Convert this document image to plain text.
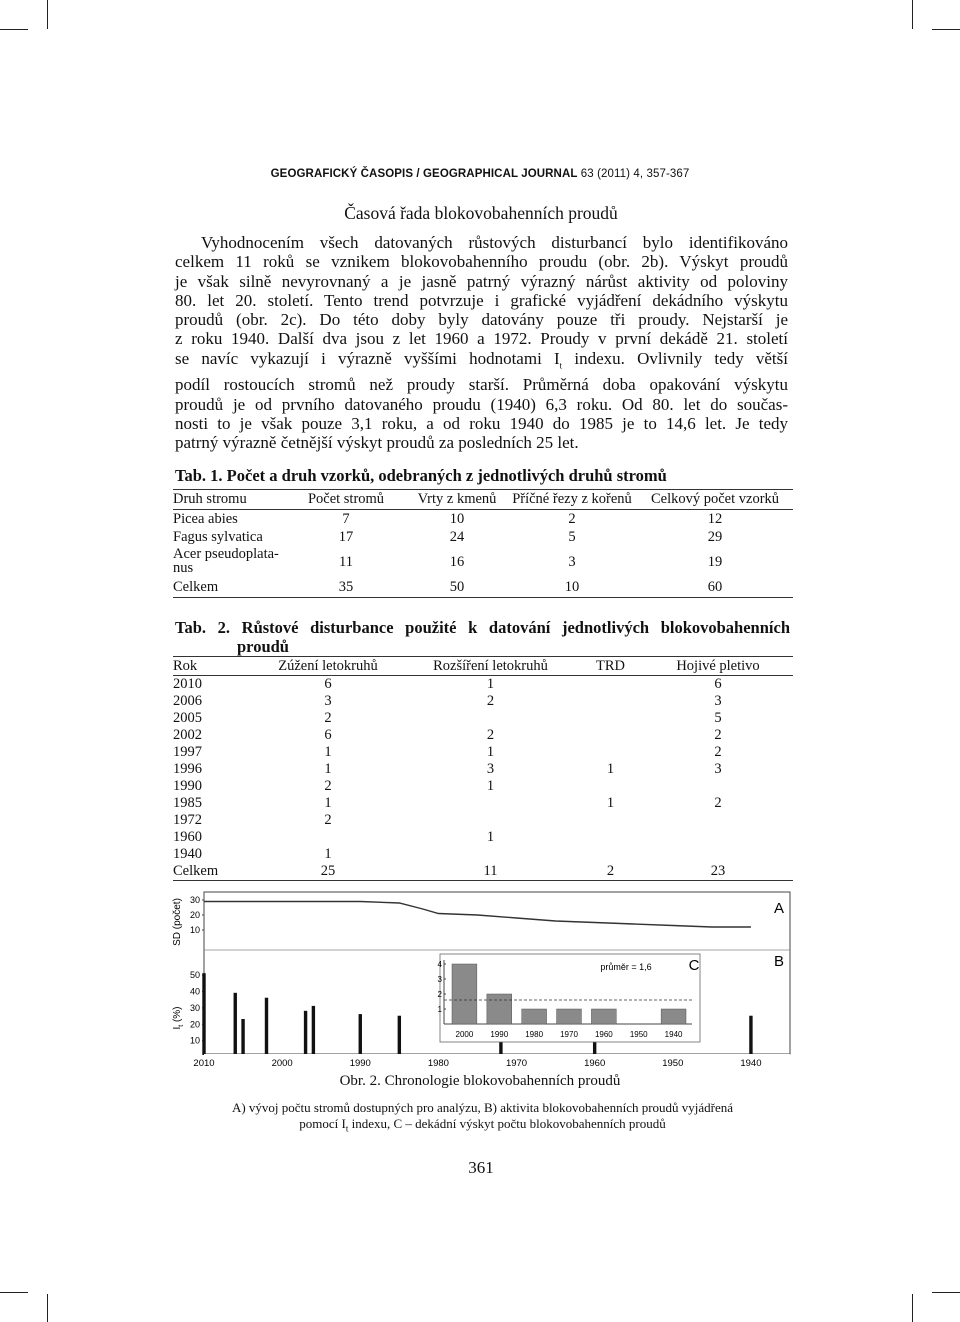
GEOGRAFICKÝ ČASOPIS / GEOGRAPHICAL JOURNAL 63 (2011) 4, 357-367
Časová řada blokovobahenních proudů
Vyhodnocením všech datovaných růstových disturbancí bylo identifikováno
celkem 11 roků se vznikem blokovobahenního proudu (obr. 2b). Výskyt proudů
je však silně nevyrovnaný a je jasně patrný výrazný nárůst aktivity od poloviny
80. let 20. století. Tento trend potvrzuje i grafické vyjádření dekádního výskytu
proudů (obr. 2c). Do této doby byly datovány pouze tři proudy. Nejstarší je
z roku 1940. Další dva jsou z let 1960 a 1972. Proudy v první dekádě 21. století
se navíc vykazují i výrazně vyššími hodnotami $I_t$ indexu. Ovlivnily tedy větší
podíl rostoucích stromů než proudy starší. Průměrná doba opakování výskytu
proudů je od prvního datovaného proudu (1940) 6,3 roku. Od 80. let do součas-
nosti to je však pouze 3,1 roku, a od roku 1940 do 1985 je to 14,6 let. Je tedy
patrný výrazně četnější výskyt proudů za posledních 25 let.
Tab. 1. Počet a druh vzorků, odebraných z jednotlivých druhů stromů
Druh stromu	Počet stromů	Vrty z kmenů	Příčné řezy z kořenů	Celkový počet vzorků
Picea abies	7	10	2	12
Fagus sylvatica	17	24	5	29
Acer pseudoplata-
nus	11	16	3	19
Celkem	35	50	10	60
Tab. 2. Růstové disturbance použité k datování jednotlivých blokovobahenních
proudů
Rok	Zúžení letokruhů	Rozšíření letokruhů	TRD	Hojivé pletivo
2010	6	1		6
2006	3	2		3
2005	2			5
2002	6	2		2
1997	1	1		2
1996	1	3	1	3
1990	2	1		
1985	1		1	2
1972	2			
1960		1		
1940	1			
Celkem	25	11	2	23
30
20
10
SD (počet)	A
50
40
30
20
10
$I_t$ (%)
B
4
3
2
1
2000 1990 1980 1970 1960 1950 1940
průměr = 1,6 C
2010	2000	1990	1980	1970	1960	1950	1940
Obr. 2. Chronologie blokovobahenních proudů
A) vývoj počtu stromů dostupných pro analýzu, B) aktivita blokovobahenních proudů vyjádřená
pomocí $I_t$ indexu, C – dekádní výskyt počtu blokovobahenních proudů
361
